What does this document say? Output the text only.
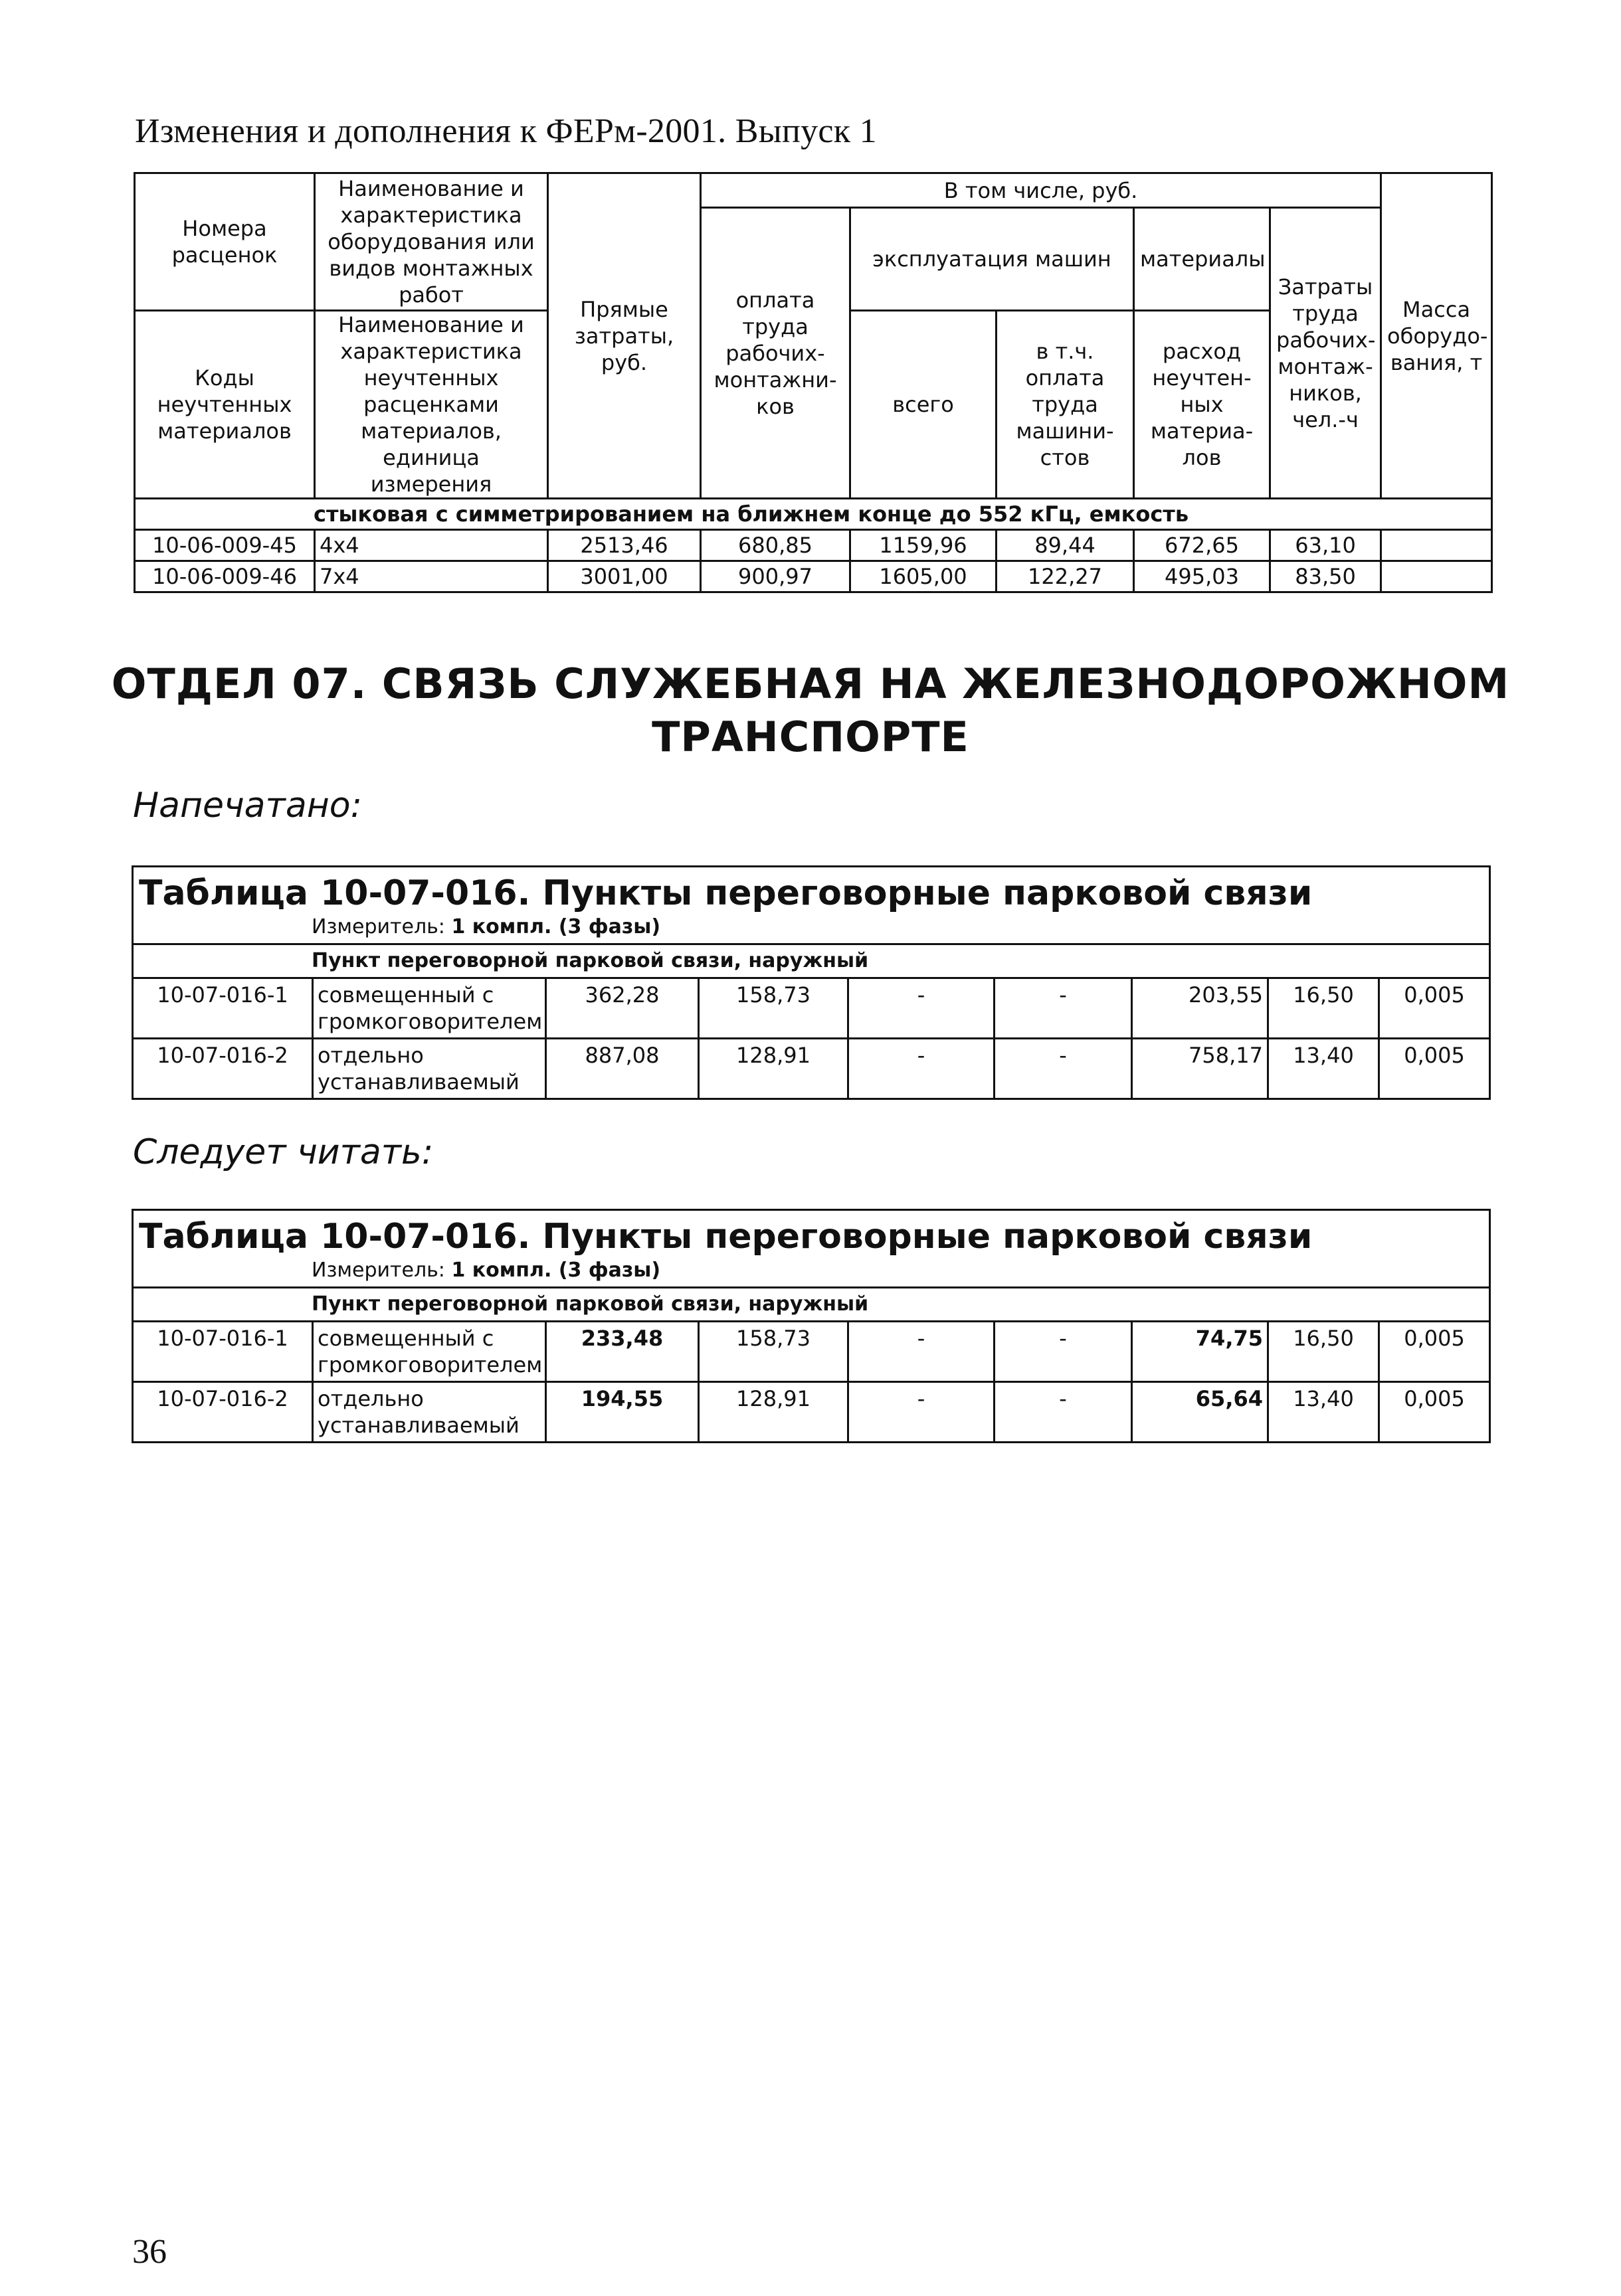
Изменения и дополнения к ФЕРм-2001. Выпуск 1
Номера расценок	Наименование и характеристика оборудования или видов монтажных работ	Прямые затраты, руб.	В том числе, руб.					Масса оборудо-вания, т
			оплата труда рабочих-монтажни-ков	эксплуатация машин		материалы	Затраты труда рабочих-монтаж-ников, чел.-ч	
Коды неучтенных материалов	Наименование и характеристика неучтенных расценками материалов, единица измерения			всего	в т.ч. оплата труда машини-стов	расход неучтен-ных материа-лов		
стыковая с симметрированием на ближнем конце до 552 кГц, емкость								
10-06-009-45	4x4	2513,46	680,85	1159,96	89,44	672,65	63,10	
10-06-009-46	7x4	3001,00	900,97	1605,00	122,27	495,03	83,50	
ОТДЕЛ 07. СВЯЗЬ СЛУЖЕБНАЯ НА ЖЕЛЕЗНОДОРОЖНОМ
ТРАНСПОРТЕ
Напечатано:
Таблица 10-07-016. Пункты переговорные парковой связи								
Измеритель: 1 компл. (3 фазы)								
Пункт переговорной парковой связи, наружный								
10-07-016-1	совмещенный с громкоговорителем	362,28	158,73	-	-	203,55	16,50	0,005
10-07-016-2	отдельно устанавливаемый	887,08	128,91	-	-	758,17	13,40	0,005
Следует читать:
Таблица 10-07-016. Пункты переговорные парковой связи								
Измеритель: 1 компл. (3 фазы)								
Пункт переговорной парковой связи, наружный								
10-07-016-1	совмещенный с громкоговорителем	233,48	158,73	-	-	74,75	16,50	0,005
10-07-016-2	отдельно устанавливаемый	194,55	128,91	-	-	65,64	13,40	0,005
36
